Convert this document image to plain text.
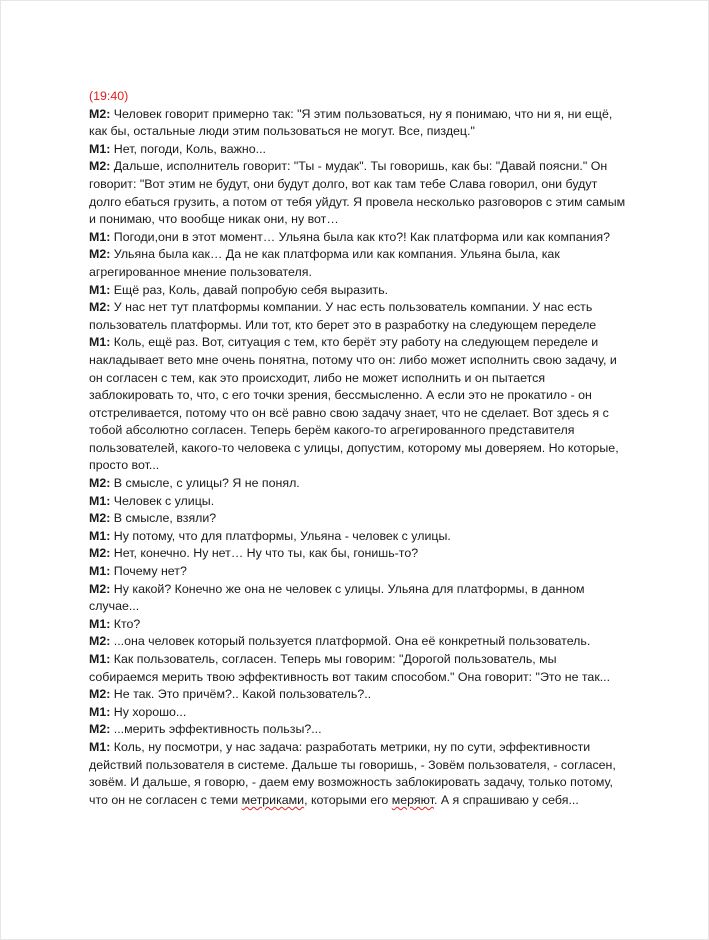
(19:40)

М2: Человек говорит примерно так: "Я этим пользоваться, ну я понимаю, что ни я, ни ещё, как бы, остальные люди этим пользоваться не могут. Все, пиздец."

М1: Нет, погоди, Коль, важно...

М2: Дальше, исполнитель говорит: "Ты - мудак". Ты говоришь, как бы: "Давай поясни." Он говорит: "Вот этим не будут, они будут долго, вот как там тебе Слава говорил, они будут долго ебаться грузить, а потом от тебя уйдут. Я провела несколько разговоров с этим самым и понимаю, что вообще никак они, ну вот…

М1: Погоди,они в этот момент… Ульяна была как кто?! Как платформа или как компания?

М2: Ульяна была как… Да не как платформа или как компания. Ульяна была, как агрегированное мнение пользователя.

М1: Ещё раз, Коль, давай попробую себя выразить.

М2: У нас нет тут платформы компании. У нас есть пользователь компании. У нас есть пользователь платформы. Или тот, кто берет это в разработку на следующем переделе

М1: Коль, ещё раз. Вот, ситуация с тем, кто берёт эту работу на следующем переделе и накладывает вето мне очень понятна, потому что он: либо может исполнить свою задачу, и он согласен с тем, как это происходит, либо не может исполнить и он пытается заблокировать то, что, с его точки зрения, бессмысленно. А если это не прокатило - он отстреливается, потому что он всё равно свою задачу знает, что не сделает. Вот здесь я с тобой абсолютно согласен. Теперь берём какого-то агрегированного представителя пользователей, какого-то человека с улицы, допустим, которому мы доверяем. Но которые, просто вот...

М2: В смысле, с улицы? Я не понял.

М1: Человек с улицы.

М2: В смысле, взяли?

М1: Ну потому, что для платформы, Ульяна - человек с улицы.

М2: Нет, конечно. Ну нет… Ну что ты, как бы, гонишь-то?

М1: Почему нет?

М2: Ну какой? Конечно же она не человек с улицы. Ульяна для платформы, в данном случае...

М1: Кто?

М2: ...она человек который пользуется платформой. Она её конкретный пользователь.

М1: Как пользователь, согласен. Теперь мы говорим: "Дорогой пользователь, мы собираемся мерить твою эффективность вот таким способом." Она говорит: "Это не так...

М2: Не так. Это причём?.. Какой пользователь?..

М1: Ну хорошо...

М2: ...мерить эффективность пользы?...

М1: Коль, ну посмотри, у нас задача: разработать метрики, ну по сути, эффективности действий пользователя в системе. Дальше ты говоришь, - Зовём пользователя, - согласен, зовём. И дальше, я говорю, - даем ему возможность заблокировать задачу, только потому, что он не согласен с теми метриками, которыми его меряют. А я спрашиваю у себя...
